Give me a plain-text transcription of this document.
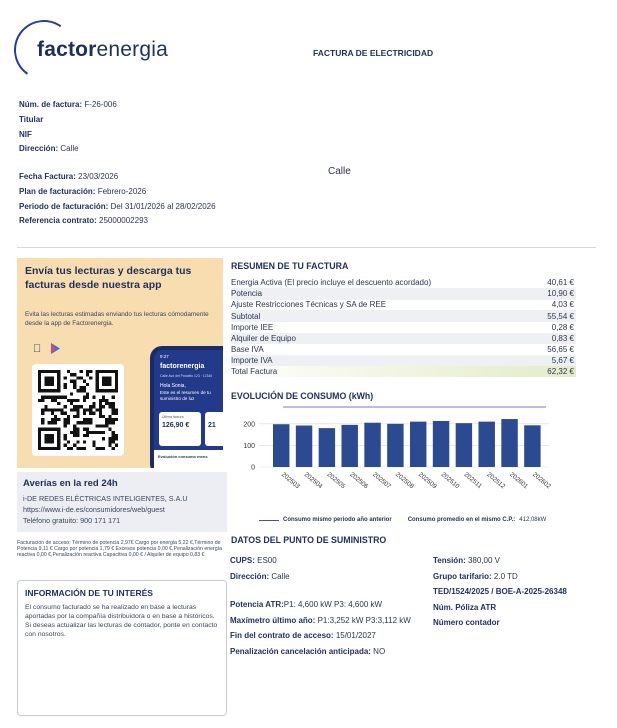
factorenergia	FACTURA DE ELECTRICIDAD
Núm. de factura: F-26-006
Titular
NIF
Dirección: Calle
Calle
Fecha Factura: 23/03/2026
Plan de facturación: Febrero-2026
Periodo de facturación: Del 31/01/2026 al 28/02/2026
Referencia contrato: 25000002293
Envía tus lecturas y descarga tus facturas desde nuestra app

Evita las lecturas estimadas enviando tus lecturas cómodamente desde la app de Factorenergia.

9:27
factorenergia
Calle Avd del Paralelo 123 · 12345
Hola Sonia,
Este es el resumen de tu suministro de luz
Última factura
126,90 €	21
Evolución consumo mens
Averías en la red 24h
i-DE REDES ELÉCTRICAS INTELIGENTES, S.A.U
https://www.i-de.es/consumidores/web/guest
Teléfono gratuito: 900 171 171
Facturación de acceso: Término de potencia 2,97€ Cargo por energia 5,22 €,Término de Potencia 9,11 € Cargo por potencia 1,79 € Excesos potencia 0,00 €,Penalización energía reactiva 0,00 €,Penalización reactiva Capacitiva 0,00 € / Alquiler de equipo 0,83 €
INFORMACIÓN DE TU INTERÉS

El consumo facturado se ha realizado en base a lecturas aportadas por la compañía distribuidora o en base a históricos. Si deseas actualizar las lecturas de contador, ponte en contacto con nosotros.

RESUMEN DE TU FACTURA
Energia Activa (El precio incluye el descuento acordado)	40,61 €
Potencia	10,90 €
Ajuste Restricciones Técnicas y SA de REE	4,03 €
Subtotal	55,54 €
Importe IEE	0,28 €
Alquiler de Equipo	0,83 €
Base IVA	56,65 €
Importe IVA	5,67 €
Total Factura	62,32 €
EVOLUCIÓN DE CONSUMO (kWh)
0
100
200
202503 202504 202505 202506 202507 202508 202509 202510 202511 202512 202601 202602
Consumo mismo periodo año anterior	Consumo promedio en el mismo C.P.: 412,08kW
DATOS DEL PUNTO DE SUMINISTRO
CUPS: ES00
Dirección: Calle
Potencia ATR:P1: 4,600 kW P3: 4,600 kW
Maxímetro último año: P1:3,252 kW P3:3,112 kW
Fin del contrato de acceso: 15/01/2027
Penalización cancelación anticipada: NO
Tensión: 380,00 V
Grupo tarifario: 2.0 TD
TED/1524/2025 / BOE-A-2025-26348
Núm. Póliza ATR
Número contador
